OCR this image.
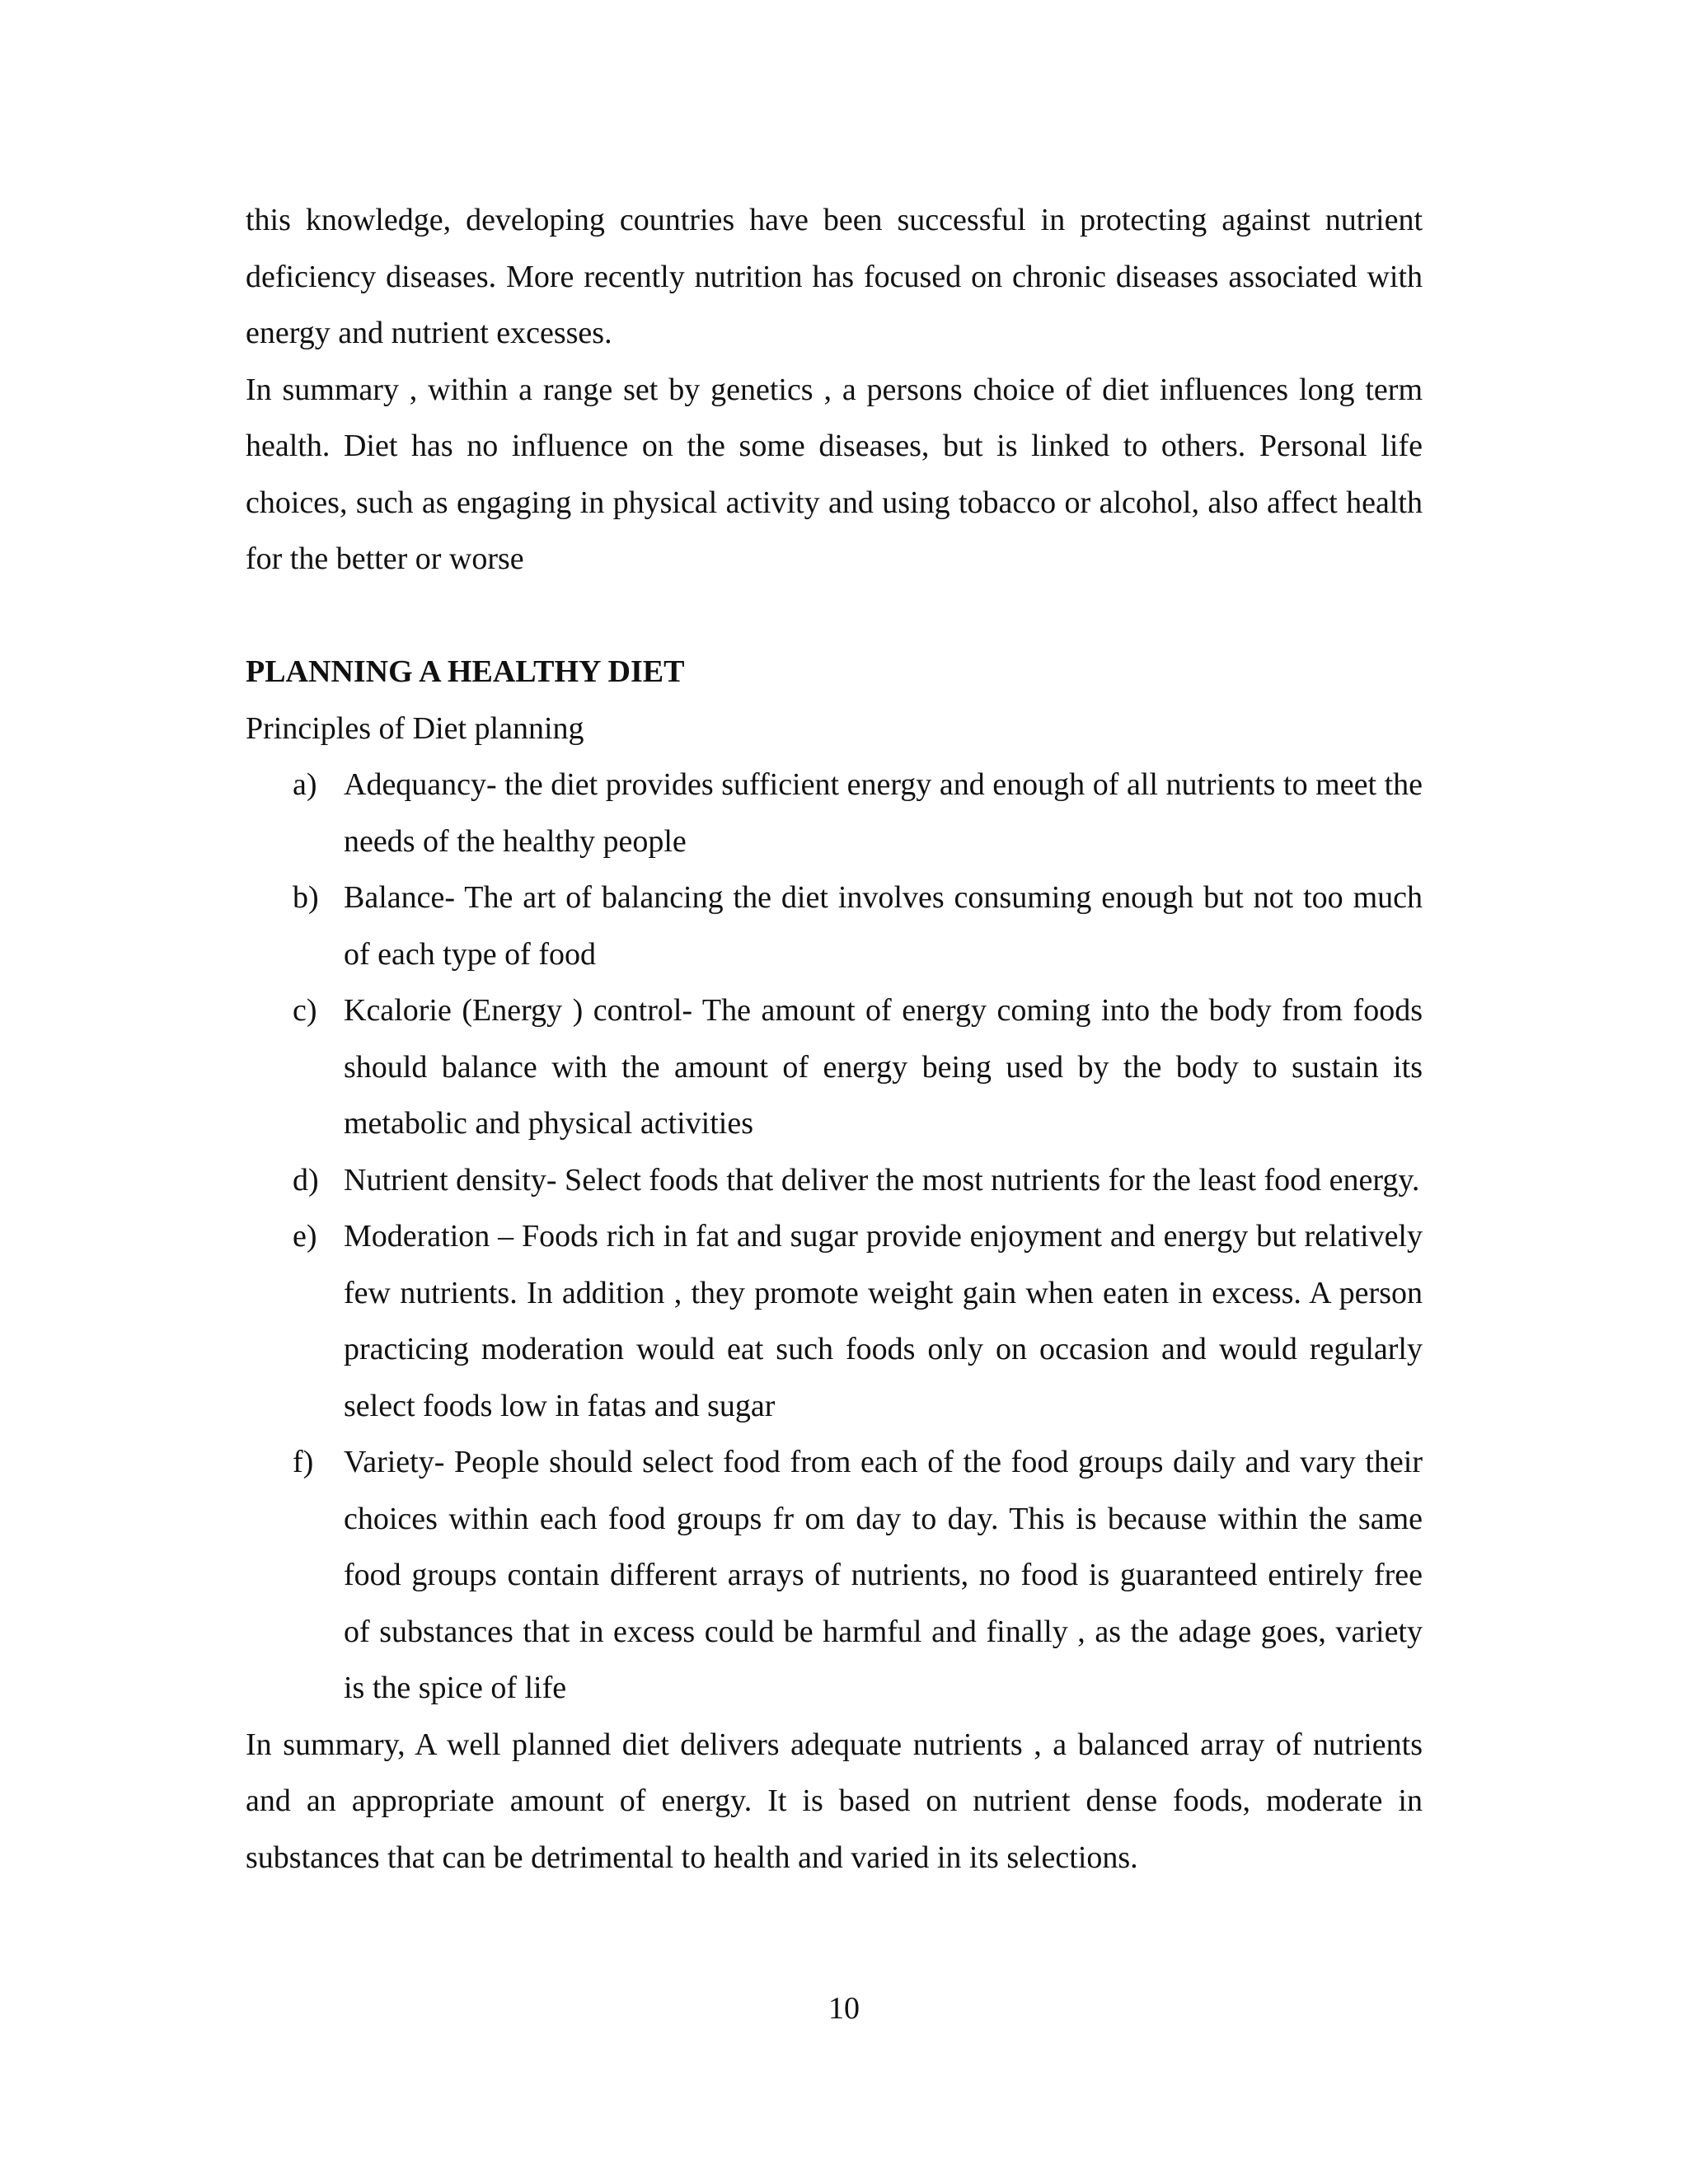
this knowledge, developing countries have been successful in protecting against nutrient deficiency diseases. More recently nutrition has focused on chronic diseases associated with energy and nutrient excesses.

In summary , within a range set by genetics , a persons choice of diet influences long term health. Diet has no influence on the some diseases, but is linked to others. Personal life choices, such as engaging in physical activity and using tobacco or alcohol, also affect health for the better or worse

PLANNING A HEALTHY DIET

Principles of Diet planning

a) Adequancy- the diet provides sufficient energy and enough of all nutrients to meet the needs of the healthy people
b) Balance- The art of balancing the diet involves consuming enough but not too much of each type of food
c) Kcalorie (Energy ) control- The amount of energy coming into the body from foods should balance with the amount of energy being used by the body to sustain its metabolic and physical activities
d) Nutrient density- Select foods that deliver the most nutrients for the least food energy.
e) Moderation – Foods rich in fat and sugar provide enjoyment and energy but relatively few nutrients. In addition , they promote weight gain when eaten in excess. A person practicing moderation would eat such foods only on occasion and would regularly select foods low in fatas and sugar
f) Variety- People should select food from each of the food groups daily and vary their choices within each food groups fr om day to day. This is because within the same food groups contain different arrays of nutrients, no food is guaranteed entirely free of substances that in excess could be harmful and finally , as the adage goes, variety is the spice of life

In summary, A well planned diet delivers adequate nutrients , a balanced array of nutrients and an appropriate amount of energy. It is based on nutrient dense foods, moderate in substances that can be detrimental to health and varied in its selections.

10
